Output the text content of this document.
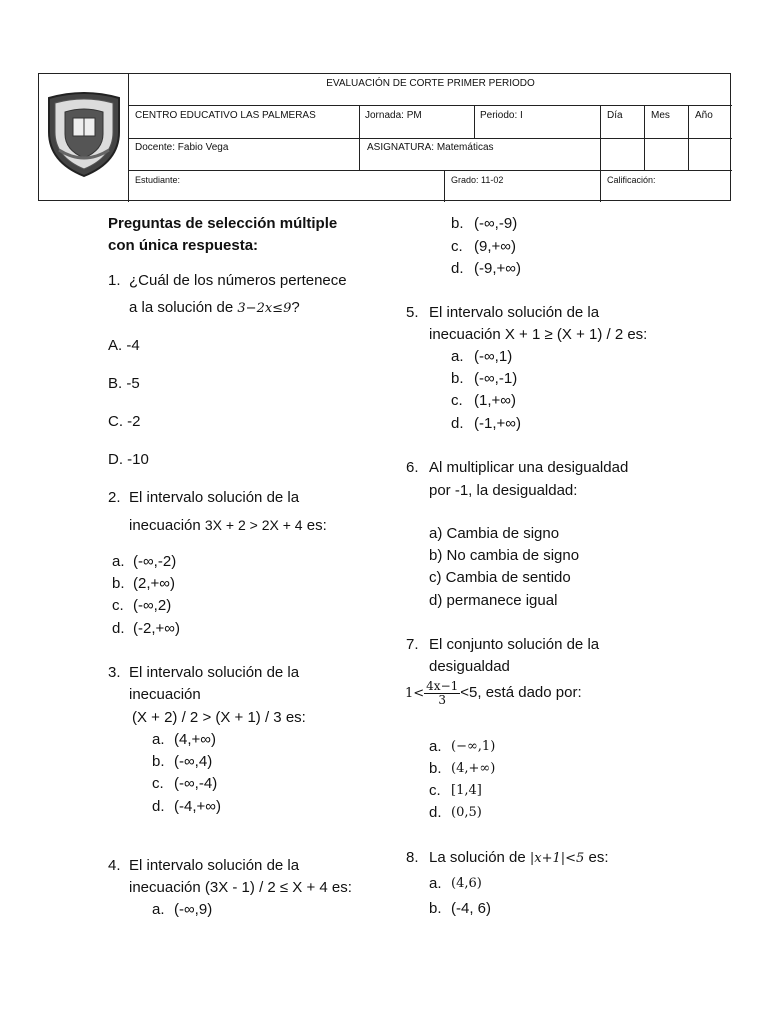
EVALUACIÓN DE CORTE PRIMER PERIODO
CENTRO EDUCATIVO LAS PALMERAS	Jornada: PM	Periodo: I	Día	Mes	Año
Docente: Fabio Vega	ASIGNATURA: Matemáticas
Estudiante:	Grado: 11-02	Calificación:
Preguntas de selección múltiple
con única respuesta:
1. ¿Cuál de los números pertenece
a la solución de 3−2x≤9?
A. -4
B. -5
C. -2
D. -10
2. El intervalo solución de la
inecuación 3X + 2 > 2X + 4 es:
a. (-∞,-2)
b. (2,+∞)
c. (-∞,2)
d. (-2,+∞)
3. El intervalo solución de la
inecuación
(X + 2) / 2 > (X + 1) / 3 es:
a. (4,+∞)
b. (-∞,4)
c. (-∞,-4)
d. (-4,+∞)
4. El intervalo solución de la
inecuación (3X - 1) / 2 ≤ X + 4 es:
a. (-∞,9)
b. (-∞,-9)
c. (9,+∞)
d. (-9,+∞)
5. El intervalo solución de la
inecuación X + 1 ≥ (X + 1) / 2 es:
a. (-∞,1)
b. (-∞,-1)
c. (1,+∞)
d. (-1,+∞)
6. Al multiplicar una desigualdad
por -1, la desigualdad:
a) Cambia de signo
b) No cambia de signo
c) Cambia de sentido
d) permanece igual
7. El conjunto solución de la
desigualdad
$1< \frac{4x-1}{3} <5$, está dado por:
a. (−∞,1)
b. (4,+∞)
c. [1,4]
d. (0,5)
8. La solución de |x+1|<5 es:
a. (4,6)
b. (-4, 6)
